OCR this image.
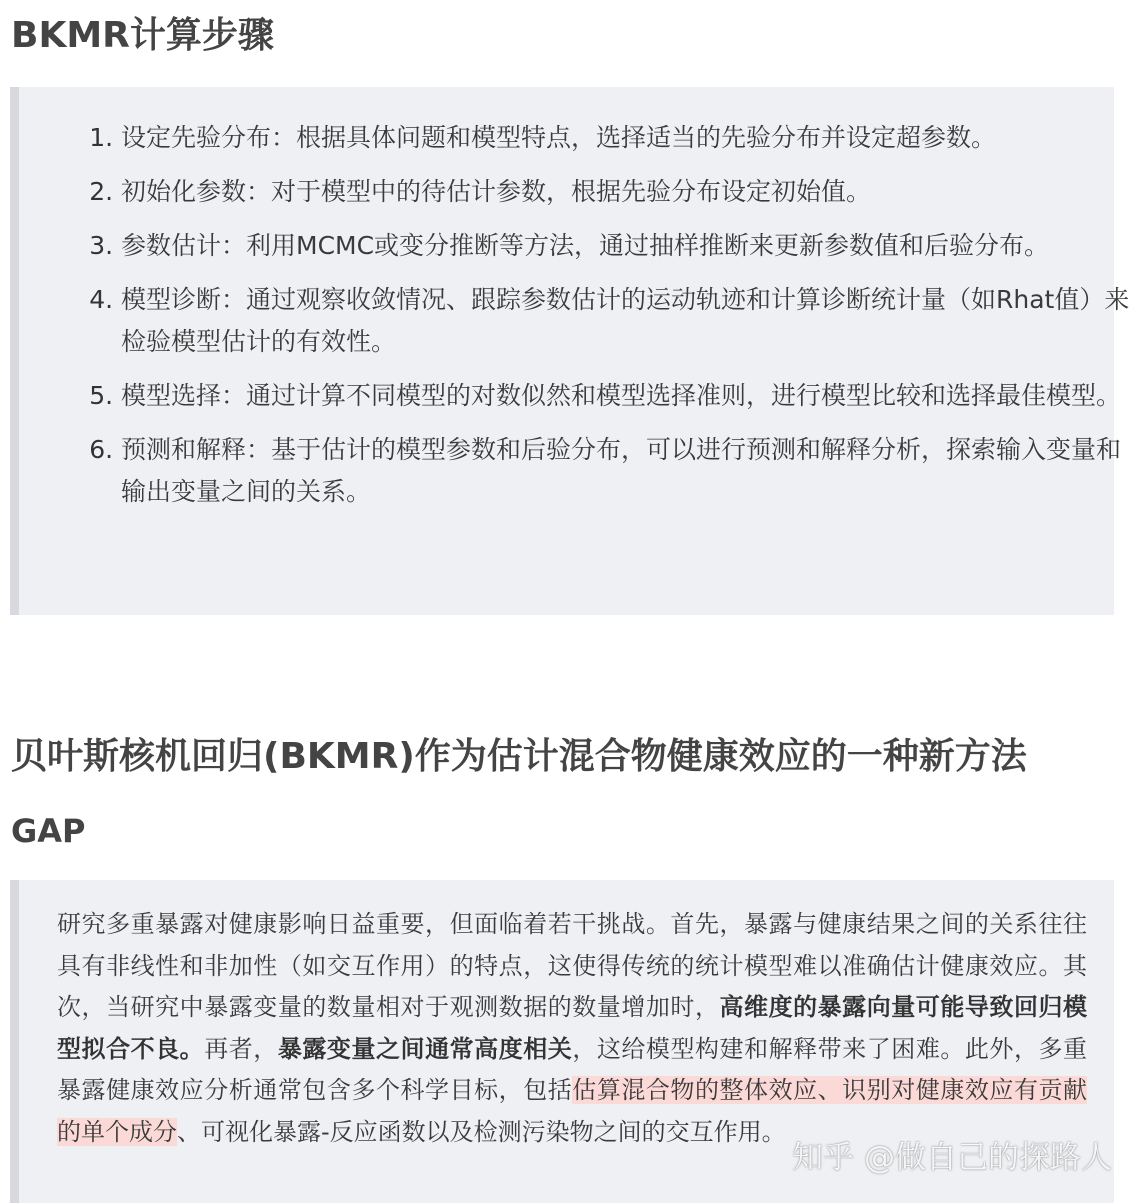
BKMR计算步骤
1. 设定先验分布：根据具体问题和模型特点，选择适当的先验分布并设定超参数。
2. 初始化参数：对于模型中的待估计参数，根据先验分布设定初始值。
3. 参数估计：利用MCMC或变分推断等方法，通过抽样推断来更新参数值和后验分布。
4. 模型诊断：通过观察收敛情况、跟踪参数估计的运动轨迹和计算诊断统计量（如Rhat值）来检验模型估计的有效性。
5. 模型选择：通过计算不同模型的对数似然和模型选择准则，进行模型比较和选择最佳模型。
6. 预测和解释：基于估计的模型参数和后验分布，可以进行预测和解释分析，探索输入变量和输出变量之间的关系。
贝叶斯核机回归(BKMR)作为估计混合物健康效应的一种新方法
GAP

研究多重暴露对健康影响日益重要，但面临着若干挑战。首先，暴露与健康结果之间的关系往往具有非线性和非加性（如交互作用）的特点，这使得传统的统计模型难以准确估计健康效应。其次，当研究中暴露变量的数量相对于观测数据的数量增加时，高维度的暴露向量可能导致回归模型拟合不良。再者，暴露变量之间通常高度相关，这给模型构建和解释带来了困难。此外，多重暴露健康效应分析通常包含多个科学目标，包括估算混合物的整体效应、识别对健康效应有贡献的单个成分、可视化暴露-反应函数以及检测污染物之间的交互作用。

知乎 @做自己的探路人
